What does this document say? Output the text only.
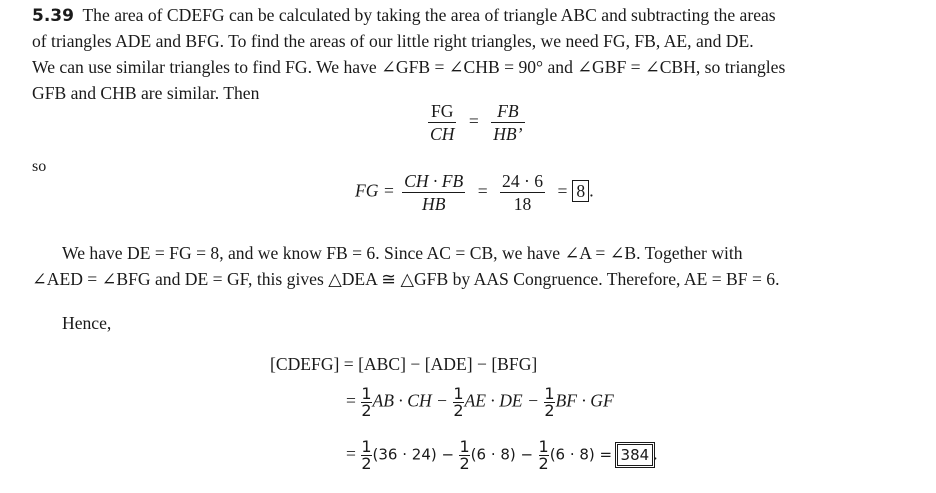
5.39 The area of CDEFG can be calculated by taking the area of triangle ABC and subtracting the areas
of triangles ADE and BFG. To find the areas of our little right triangles, we need FG, FB, AE, and DE.
We can use similar triangles to find FG. We have ∠GFB = ∠CHB = 90° and ∠GBF = ∠CBH, so triangles
GFB and CHB are similar. Then
$\frac{FG}{CH} = \frac{FB}{HB’}$
so
FG = $\frac{CH \cdot FB}{HB} = \frac{24 \cdot 6}{18} = 8$ .
We have DE = FG = 8, and we know FB = 6. Since AC = CB, we have ∠A = ∠B. Together with
∠AED = ∠BFG and DE = GF, this gives △DEA ≅ △GFB by AAS Congruence. Therefore, AE = BF = 6.
Hence,
[CDEFG] = [ABC] − [ADE] − [BFG]
= $\frac{1}{2}$ AB · CH − $\frac{1}{2}$ AE · DE − $\frac{1}{2}$ BF · GF
= $\frac{1}{2} (36 \cdot 24) - \frac{1}{2} (6 \cdot 8) - \frac{1}{2} (6 \cdot 8) = 384$ .
